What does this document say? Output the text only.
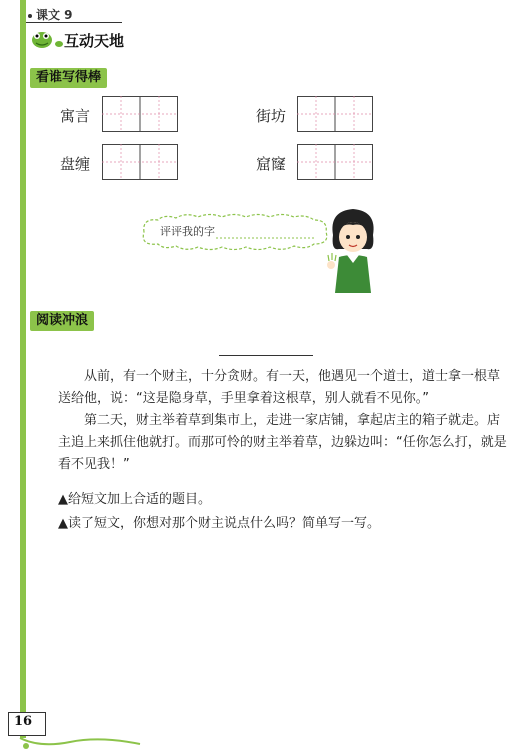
课文 9
互动天地
看谁写得棒
寓言	街坊
盘缠	窟窿
评评我的字
阅读冲浪

从前，有一个财主，十分贪财。有一天，他遇见一个道士，道士拿一根草送给他，说：“这是隐身草，手里拿着这根草，别人就看不见你。”

第二天，财主举着草到集市上，走进一家店铺，拿起店主的箱子就走。店主追上来抓住他就打。而那可怜的财主举着草，边躲边叫：“任你怎么打，就是看不见我！”

▲给短文加上合适的题目。
▲读了短文，你想对那个财主说点什么吗？简单写一写。
16
